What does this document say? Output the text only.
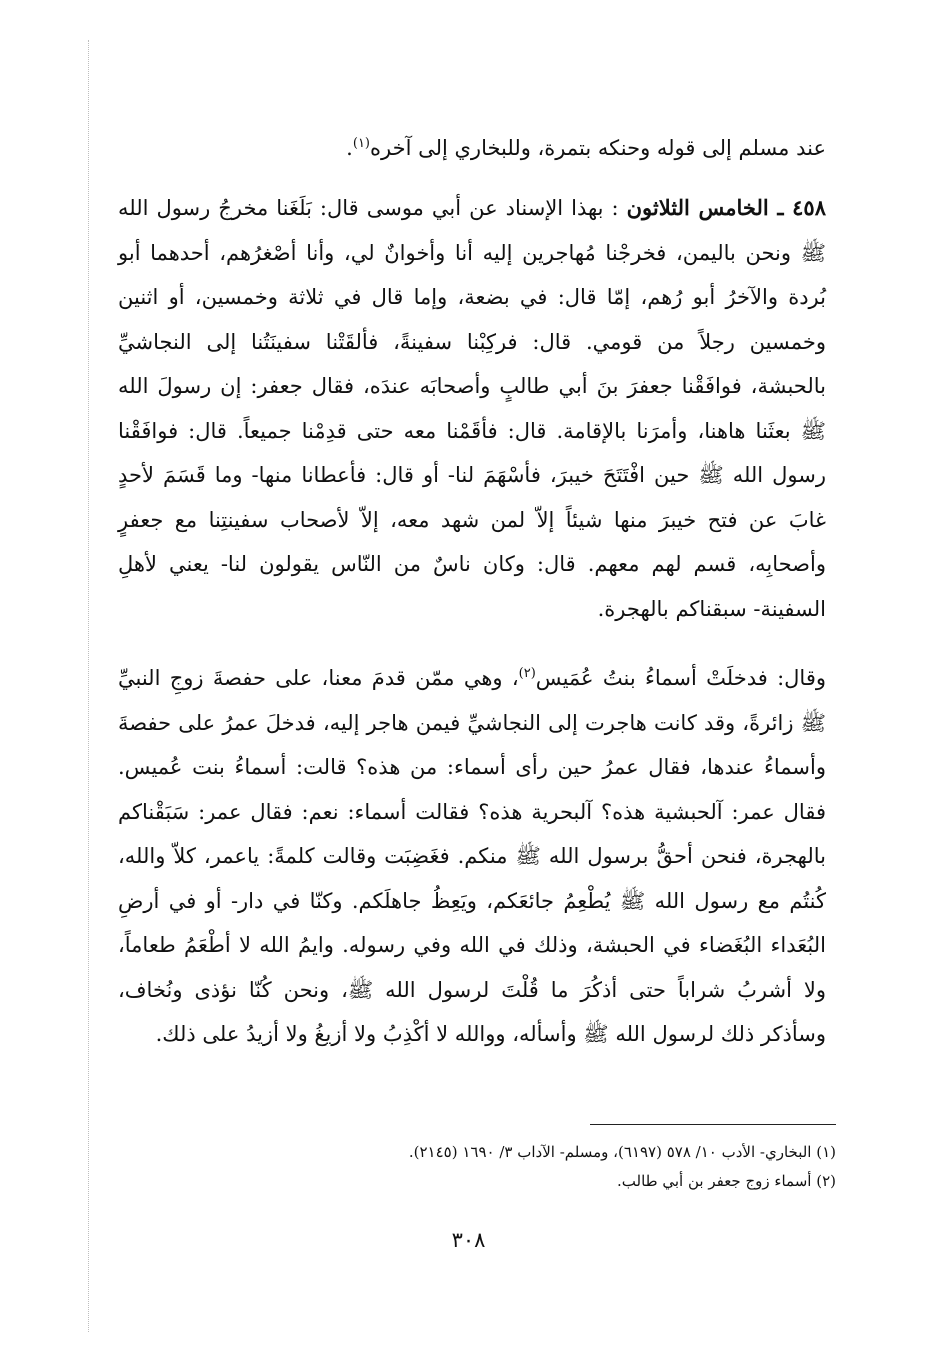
عند مسلم إلى قوله وحنكه بتمرة، وللبخاري إلى آخره$^{(١)}$.
٤٥٨ ـ الخامس الثلاثون : بهذا الإسناد عن أبي موسى قال: بَلَغَنا مخرجُ رسول الله ﷺ ونحن باليمن، فخرجْنا مُهاجرين إليه أنا وأخوانٌ لي، وأنا أصْغرُهم، أحدهما أبو بُردة والآخرُ أبو رُهم، إمّا قال: في بضعة، وإما قال في ثلاثة وخمسين، أو اثنين وخمسين رجلاً من قومي. قال: فركِبْنا سفينةً، فألقَتْنا سفينَتُنا إلى النجاشيِّ بالحبشة، فوافَقْنا جعفرَ بنَ أبي طالبٍ وأصحابَه عندَه، فقال جعفر: إن رسولَ الله ﷺ بعثَنا هاهنا، وأمرَنا بالإقامة. قال: فأقَمْنا معه حتى قدِمْنا جميعاً. قال: فوافَقْنا رسول الله ﷺ حين افْتَتَحَ خيبرَ، فأسْهَمَ لنا- أو قال: فأعطانا منها- وما قَسَمَ لأحدٍ غابَ عن فتح خيبرَ منها شيئاً إلاّ لمن شهد معه، إلاّ لأصحاب سفينتِنا مع جعفرٍ وأصحابِه، قسم لهم معهم. قال: وكان ناسٌ من النّاس يقولون لنا- يعني لأهلِ السفينة- سبقناكم بالهجرة.
وقال: فدخلَتْ أسماءُ بنتُ عُمَيس$^{(٢)}$، وهي ممّن قدمَ معنا، على حفصةَ زوجِ النبيِّ ﷺ زائرةً، وقد كانت هاجرت إلى النجاشيِّ فيمن هاجر إليه، فدخلَ عمرُ على حفصةَ وأسماءُ عندها، فقال عمرُ حين رأى أسماء: من هذه؟ قالت: أسماءُ بنت عُميس. فقال عمر: آلحبشية هذه؟ آلبحرية هذه؟ فقالت أسماء: نعم: فقال عمر: سَبَقْناكم بالهجرة، فنحن أحقُّ برسول الله ﷺ منكم. فغَضِبَت وقالت كلمةً: ياعمر، كلاّ والله، كُنتُم مع رسول الله ﷺ يُطْعِمُ جائعَكم، ويَعِظُ جاهلَكم. وكنّا في دار- أو في أرضِ البُعَداء البُغَضاء في الحبشة، وذلك في الله وفي رسوله. وايمُ الله لا أطْعَمُ طعاماً، ولا أشربُ شراباً حتى أذكُرَ ما قُلْتَ لرسول الله ﷺ، ونحن كُنّا نؤذى ونُخاف، وسأذكر ذلك لرسول الله ﷺ وأسأله، ووالله لا أكْذِبُ ولا أزيغُ ولا أزيدُ على ذلك.
(١) البخاري- الأدب ١٠/ ٥٧٨ (٦١٩٧)، ومسلم- الآداب ٣/ ١٦٩٠ (٢١٤٥).
(٢) أسماء زوج جعفر بن أبي طالب.
٣٠٨
